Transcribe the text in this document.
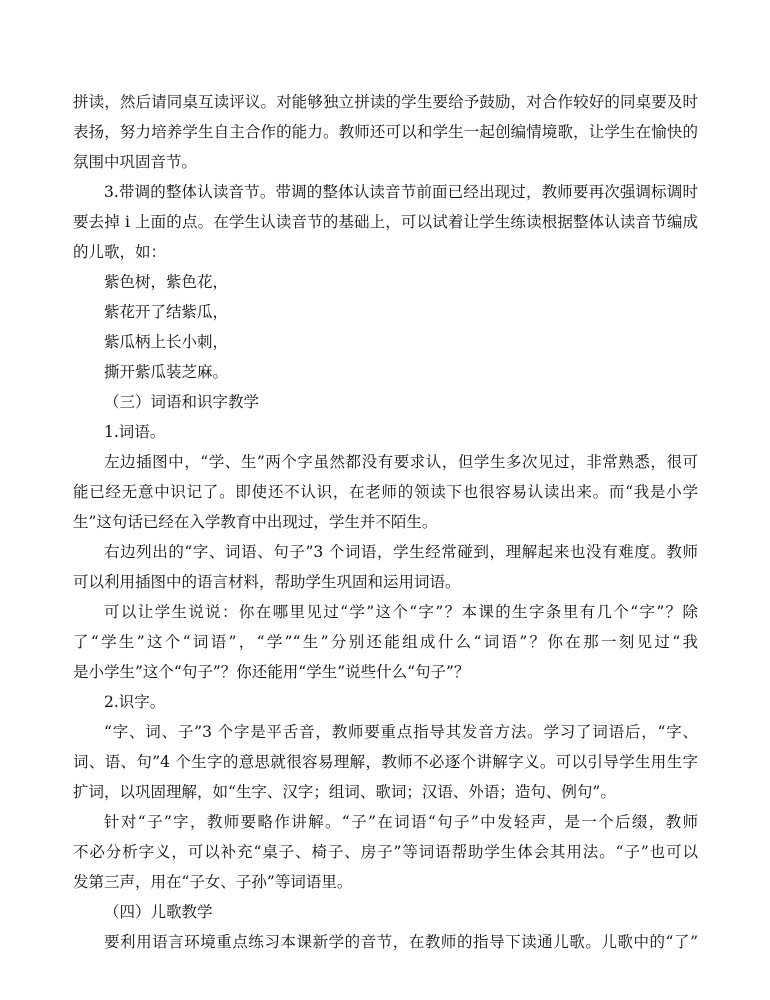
拼读，然后请同桌互读评议。对能够独立拼读的学生要给予鼓励，对合作较好的同桌要及时
表扬，努力培养学生自主合作的能力。教师还可以和学生一起创编情境歌，让学生在愉快的
氛围中巩固音节。
3.带调的整体认读音节。带调的整体认读音节前面已经出现过，教师要再次强调标调时
要去掉 i 上面的点。在学生认读音节的基础上，可以试着让学生练读根据整体认读音节编成
的儿歌，如：
紫色树，紫色花，
紫花开了结紫瓜，
紫瓜柄上长小刺，
撕开紫瓜装芝麻。
（三）词语和识字教学
1.词语。
左边插图中，“学、生”两个字虽然都没有要求认，但学生多次见过，非常熟悉，很可
能已经无意中识记了。即使还不认识，在老师的领读下也很容易认读出来。而“我是小学
生”这句话已经在入学教育中出现过，学生并不陌生。
右边列出的“字、词语、句子”3 个词语，学生经常碰到，理解起来也没有难度。教师
可以利用插图中的语言材料，帮助学生巩固和运用词语。
可以让学生说说：你在哪里见过“学”这个“字”？本课的生字条里有几个“字”？除
了“学生”这个“词语”，“学”“生”分别还能组成什么“词语”？你在那一刻见过“我
是小学生”这个“句子”？你还能用“学生”说些什么“句子”？
2.识字。
“字、词、子”3 个字是平舌音，教师要重点指导其发音方法。学习了词语后，“字、
词、语、句”4 个生字的意思就很容易理解，教师不必逐个讲解字义。可以引导学生用生字
扩词，以巩固理解，如“生字、汉字；组词、歌词；汉语、外语；造句、例句”。
针对“子”字，教师要略作讲解。“子”在词语“句子”中发轻声，是一个后缀，教师
不必分析字义，可以补充“桌子、椅子、房子”等词语帮助学生体会其用法。“子”也可以
发第三声，用在“子女、子孙”等词语里。
（四）儿歌教学
要利用语言环境重点练习本课新学的音节，在教师的指导下读通儿歌。儿歌中的“了”
